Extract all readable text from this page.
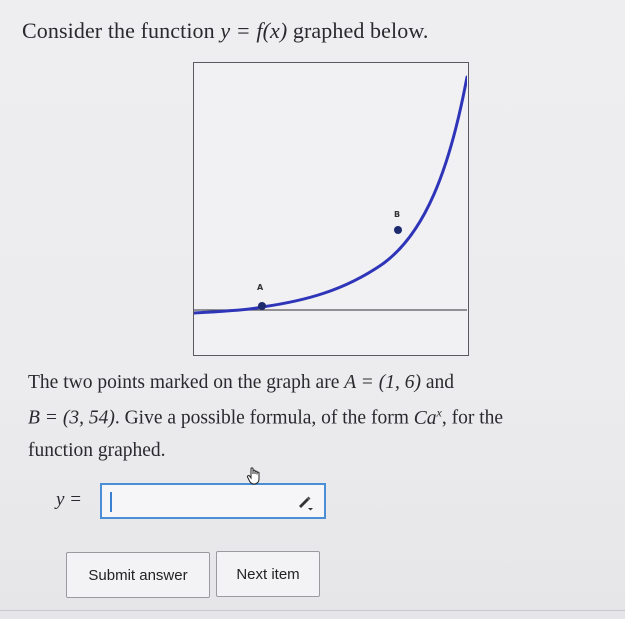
Consider the function y = f(x) graphed below.
A
B
The two points marked on the graph are A = (1, 6) and
B = (3, 54). Give a possible formula, of the form Ca$^x$, for the
function graphed.
y =
Submit answer	Next item
